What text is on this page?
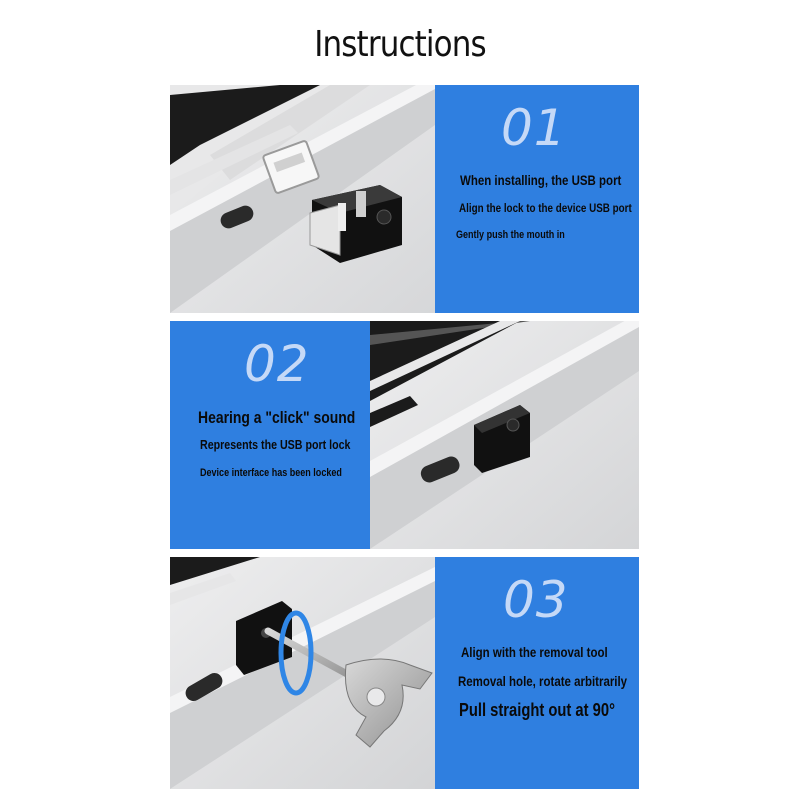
Instructions
01
When installing, the USB port
Align the lock to the device USB port
Gently push the mouth in
02
Hearing a "click" sound
Represents the USB port lock
Device interface has been locked
03
Align with the removal tool
Removal hole, rotate arbitrarily
Pull straight out at 90°
